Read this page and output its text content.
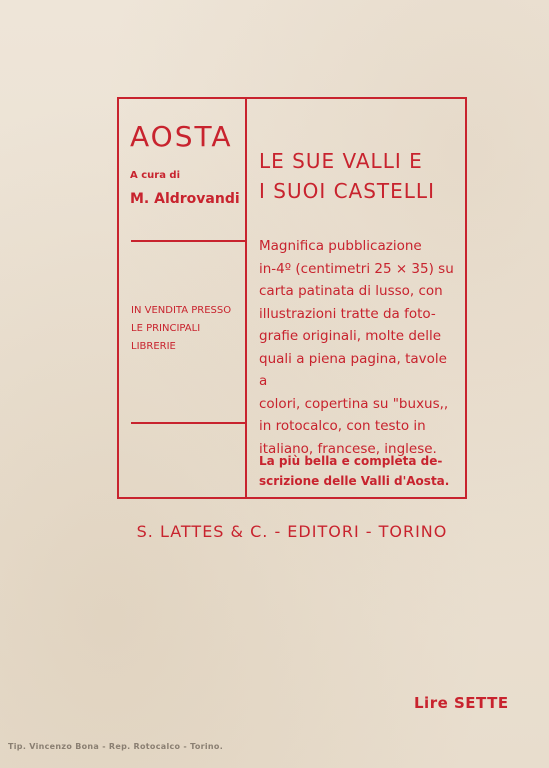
AOSTA
A cura di
M. Aldrovandi
IN VENDITA PRESSO LE PRINCIPALI LIBRERIE
LE SUE VALLI E
I SUOI CASTELLI
Magnifica pubblicazione
in-4º (centimetri 25 × 35) su
carta patinata di lusso, con
illustrazioni tratte da foto-
grafie originali, molte delle
quali a piena pagina, tavole a
colori, copertina su "buxus,,
in rotocalco, con testo in
italiano, francese, inglese.
La più bella e completa de-scrizione delle Valli d'Aosta.
S. LATTES & C. - EDITORI - TORINO
Lire SETTE
Tip. Vincenzo Bona - Rep. Rotocalco - Torino.
